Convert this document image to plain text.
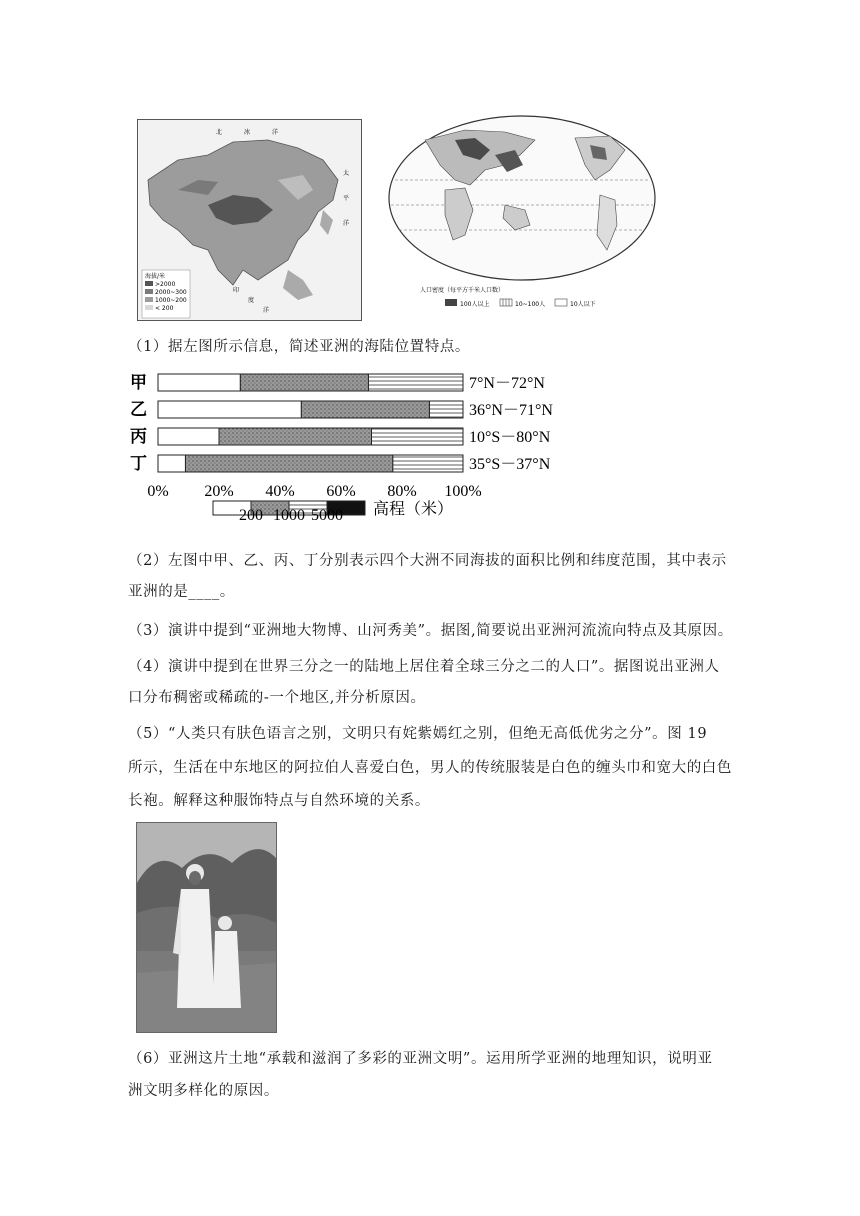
北	冰	洋
太
平
洋
印
度
洋
海拔/米
>2000
2000~300
1000~200
< 200
人口密度（每平方千米人口数）
100人以上	10~100人	10人以下
（1）据左图所示信息，简述亚洲的海陆位置特点。
甲	7°N－72°N
乙	36°N－71°N
丙	10°S－80°N
丁	35°S－37°N
0% 20% 40% 60% 80% 100%
高程（米）
200 1000 5000
（2）左图中甲、乙、丙、丁分别表示四个大洲不同海拔的面积比例和纬度范围，其中表示
亚洲的是____。
（3）演讲中提到“亚洲地大物博、山河秀美”。据图,简要说出亚洲河流流向特点及其原因。
（4）演讲中提到在世界三分之一的陆地上居住着全球三分之二的人口”。据图说出亚洲人
口分布稠密或稀疏的-一个地区,并分析原因。
（5）“人类只有肤色语言之别，文明只有姹紫嫣红之别，但绝无高低优劣之分”。图 19
所示，生活在中东地区的阿拉伯人喜爱白色，男人的传统服装是白色的缠头巾和宽大的白色
长袍。解释这种服饰特点与自然环境的关系。
（6）亚洲这片土地“承载和滋润了多彩的亚洲文明”。运用所学亚洲的地理知识，说明亚
洲文明多样化的原因。
